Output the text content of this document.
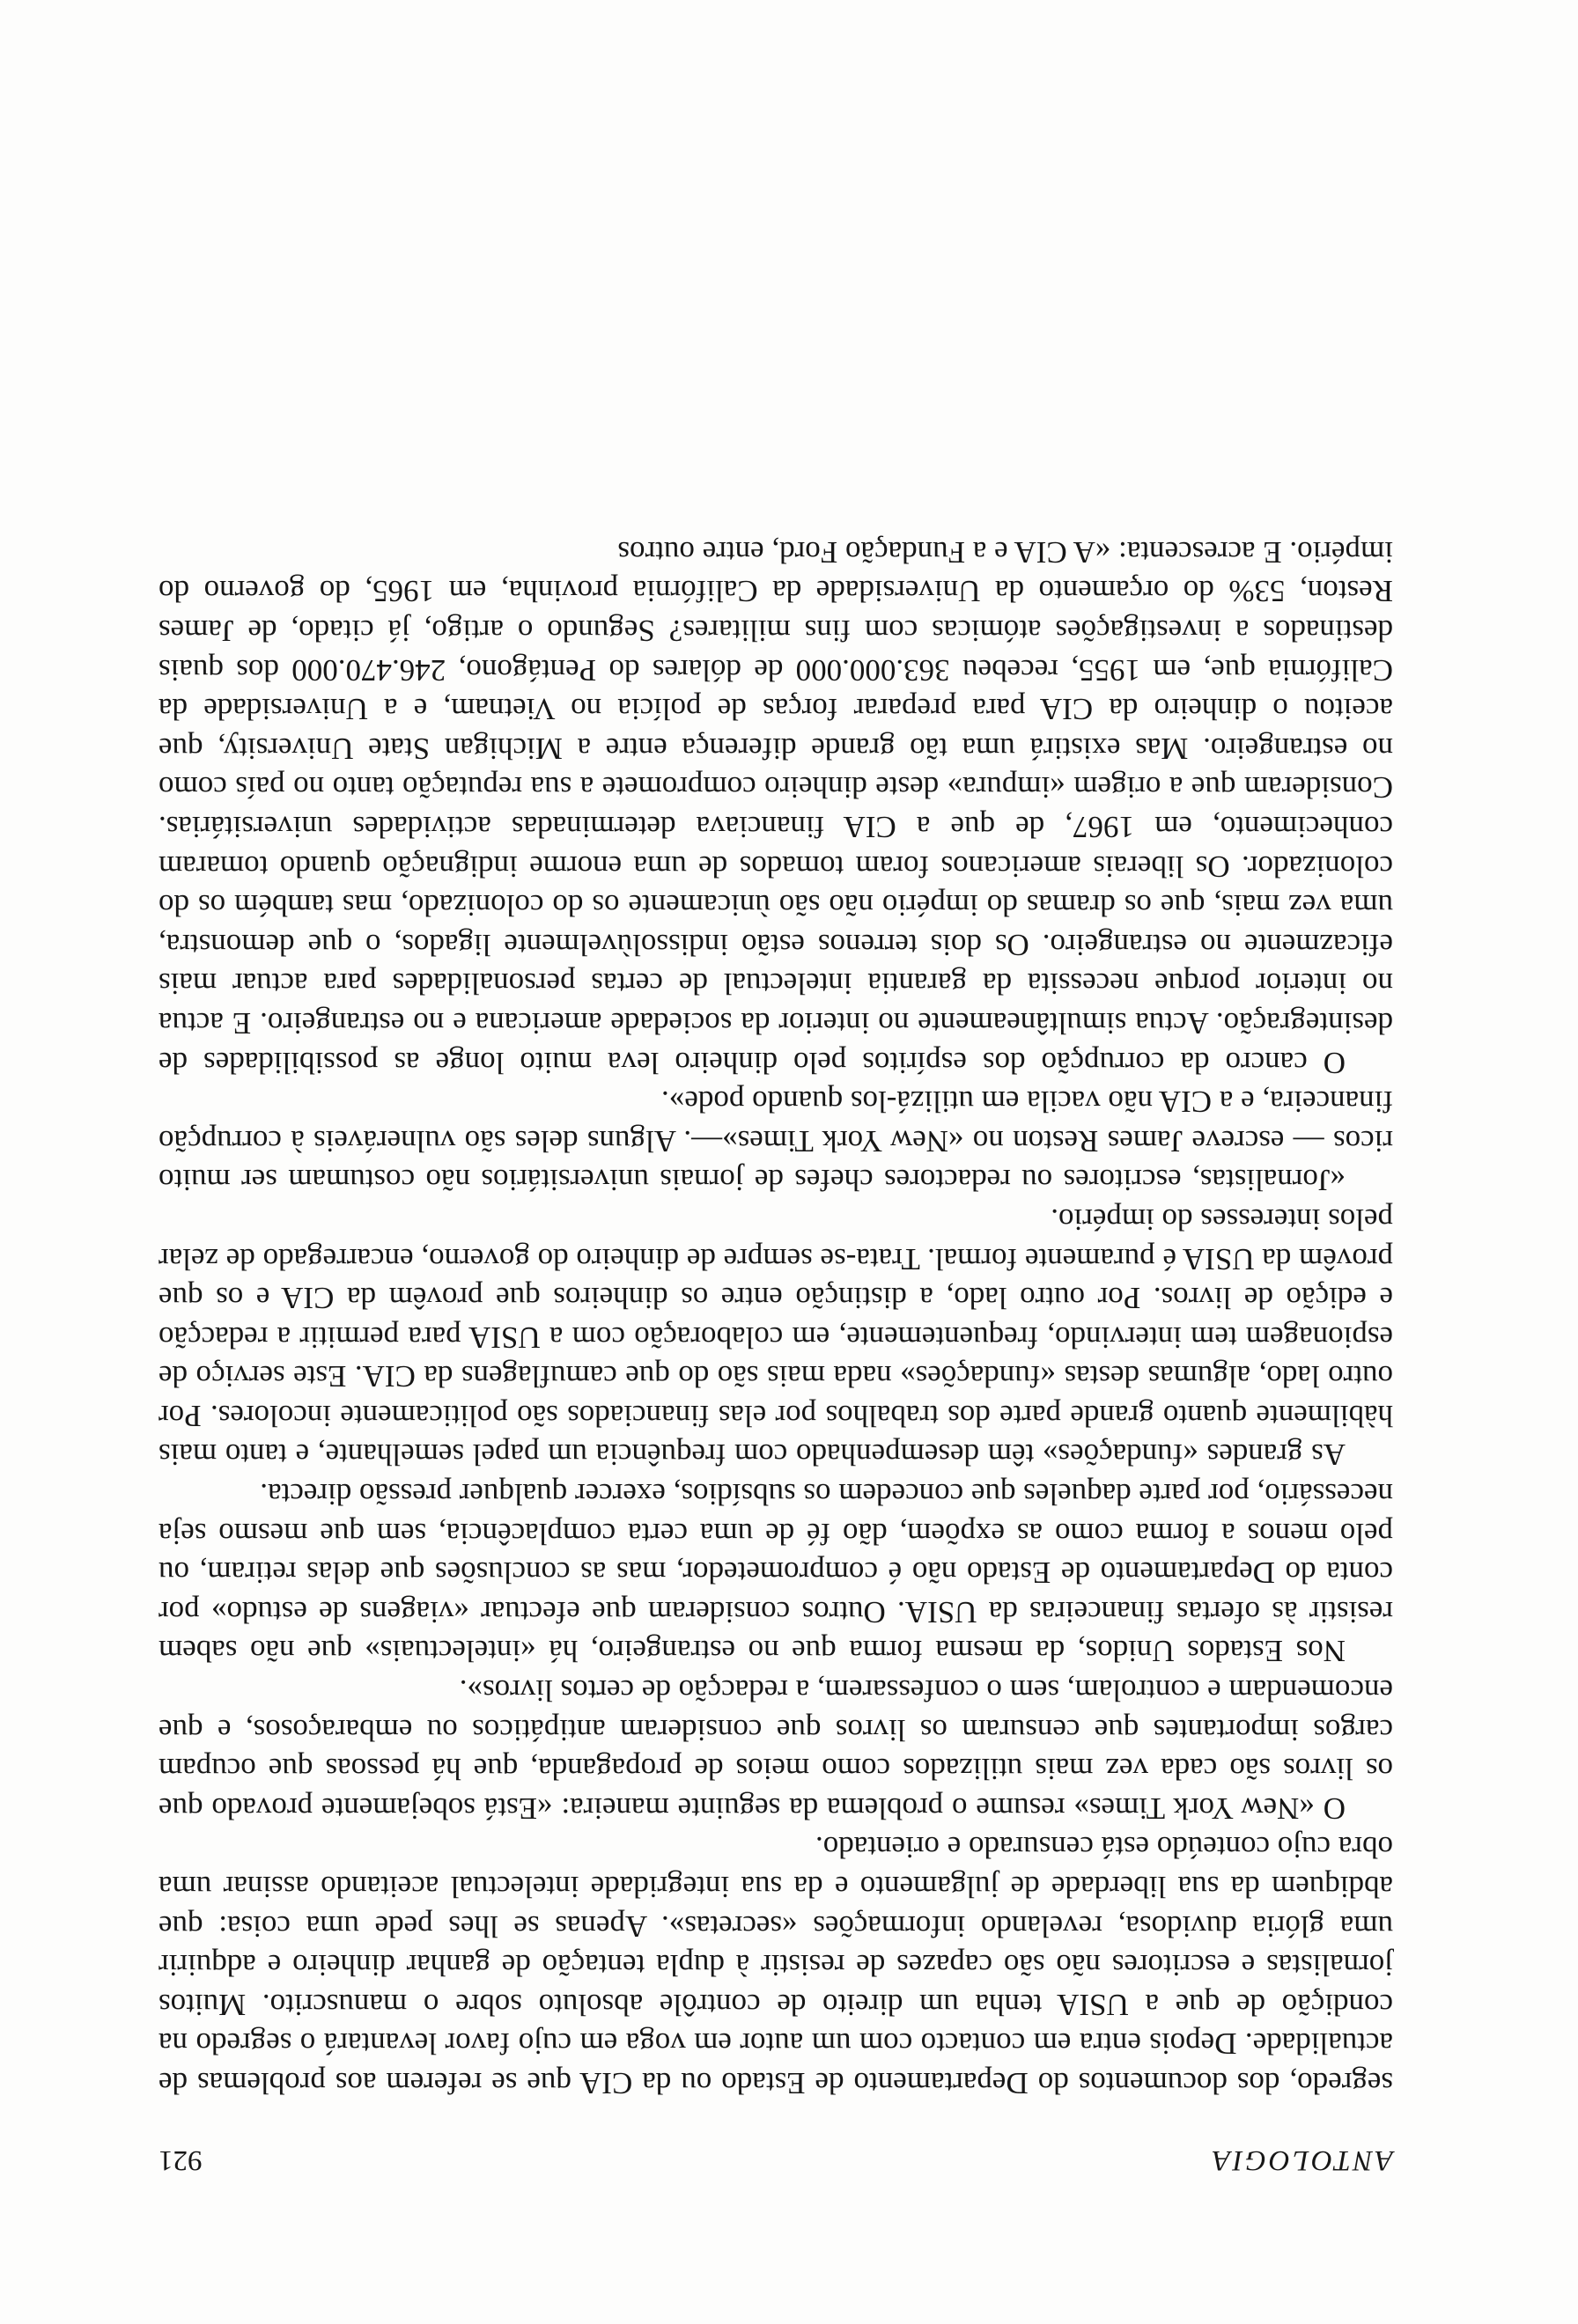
ANTOLOGIA
921

segredo, dos documentos do Departamento de Estado ou da CIA que se referem aos problemas de actualidade. Depois entra em contacto com um autor em voga em cujo favor levantará o segredo na condição de que a USIA tenha um direito de contrôle absoluto sobre o manuscrito. Muitos jornalistas e escritores não são capazes de resistir à dupla tentação de ganhar dinheiro e adquirir uma glória duvidosa, revelando informações «secretas». Apenas se lhes pede uma coisa: que abdiquem da sua liberdade de julgamento e da sua integridade intelectual aceitando assinar uma obra cujo conteúdo está censurado e orientado.

O «New York Times» resume o problema da seguinte maneira: «Está sobejamente provado que os livros são cada vez mais utilizados como meios de propaganda, que há pessoas que ocupam cargos importantes que censuram os livros que consideram antipáticos ou embaraçosos, e que encomendam e controlam, sem o confessarem, a redacção de certos livros».

Nos Estados Unidos, da mesma forma que no estrangeiro, há «intelectuais» que não sabem resistir às ofertas financeiras da USIA. Outros consideram que efectuar «viagens de estudo» por conta do Departamento de Estado não é comprometedor, mas as conclusões que delas retiram, ou pelo menos a forma como as expõem, dão fé de uma certa complacência, sem que mesmo seja necessário, por parte daqueles que concedem os subsídios, exercer qualquer pressão directa.

As grandes «fundações» têm desempenhado com frequência um papel semelhante, e tanto mais hàbilmente quanto grande parte dos trabalhos por elas financiados são politicamente incolores. Por outro lado, algumas destas «fundações» nada mais são do que camuflagens da CIA. Este serviço de espionagem tem intervindo, frequentemente, em colaboração com a USIA para permitir a redacção e edição de livros. Por outro lado, a distinção entre os dinheiros que provêm da CIA e os que provêm da USIA é puramente formal. Trata-se sempre de dinheiro do governo, encarregado de zelar pelos interesses do império.

«Jornalistas, escritores ou redactores chefes de jornais universitários não costumam ser muito ricos — escreve James Reston no «New York Times»—. Alguns deles são vulneráveis à corrupção financeira, e a CIA não vacila em utilizá-los quando pode».

O cancro da corrupção dos espíritos pelo dinheiro leva muito longe as possibilidades de desintegração. Actua simultâneamente no interior da sociedade americana e no estrangeiro. E actua no interior porque necessita da garantia intelectual de certas personalidades para actuar mais eficazmente no estrangeiro. Os dois terrenos estão indissolùvelmente ligados, o que demonstra, uma vez mais, que os dramas do império não são ùnicamente os do colonizado, mas também os do colonizador. Os liberais americanos foram tomados de uma enorme indignação quando tomaram conhecimento, em 1967, de que a CIA financiava determinadas actividades universitárias. Consideram que a origem «impura» deste dinheiro compromete a sua reputação tanto no país como no estrangeiro. Mas existirá uma tão grande diferença entre a Michigan State University, que aceitou o dinheiro da CIA para preparar forças de polícia no Vietnam, e a Universidade da Califórnia que, em 1955, recebeu 363.000.000 de dólares do Pentágono, 246.470.000 dos quais destinados a investigações atómicas com fins militares? Segundo o artigo, já citado, de James Reston, 53% do orçamento da Universidade da Califórnia provinha, em 1965, do governo do império. E acrescenta: «A CIA e a Fundação Ford, entre outros
